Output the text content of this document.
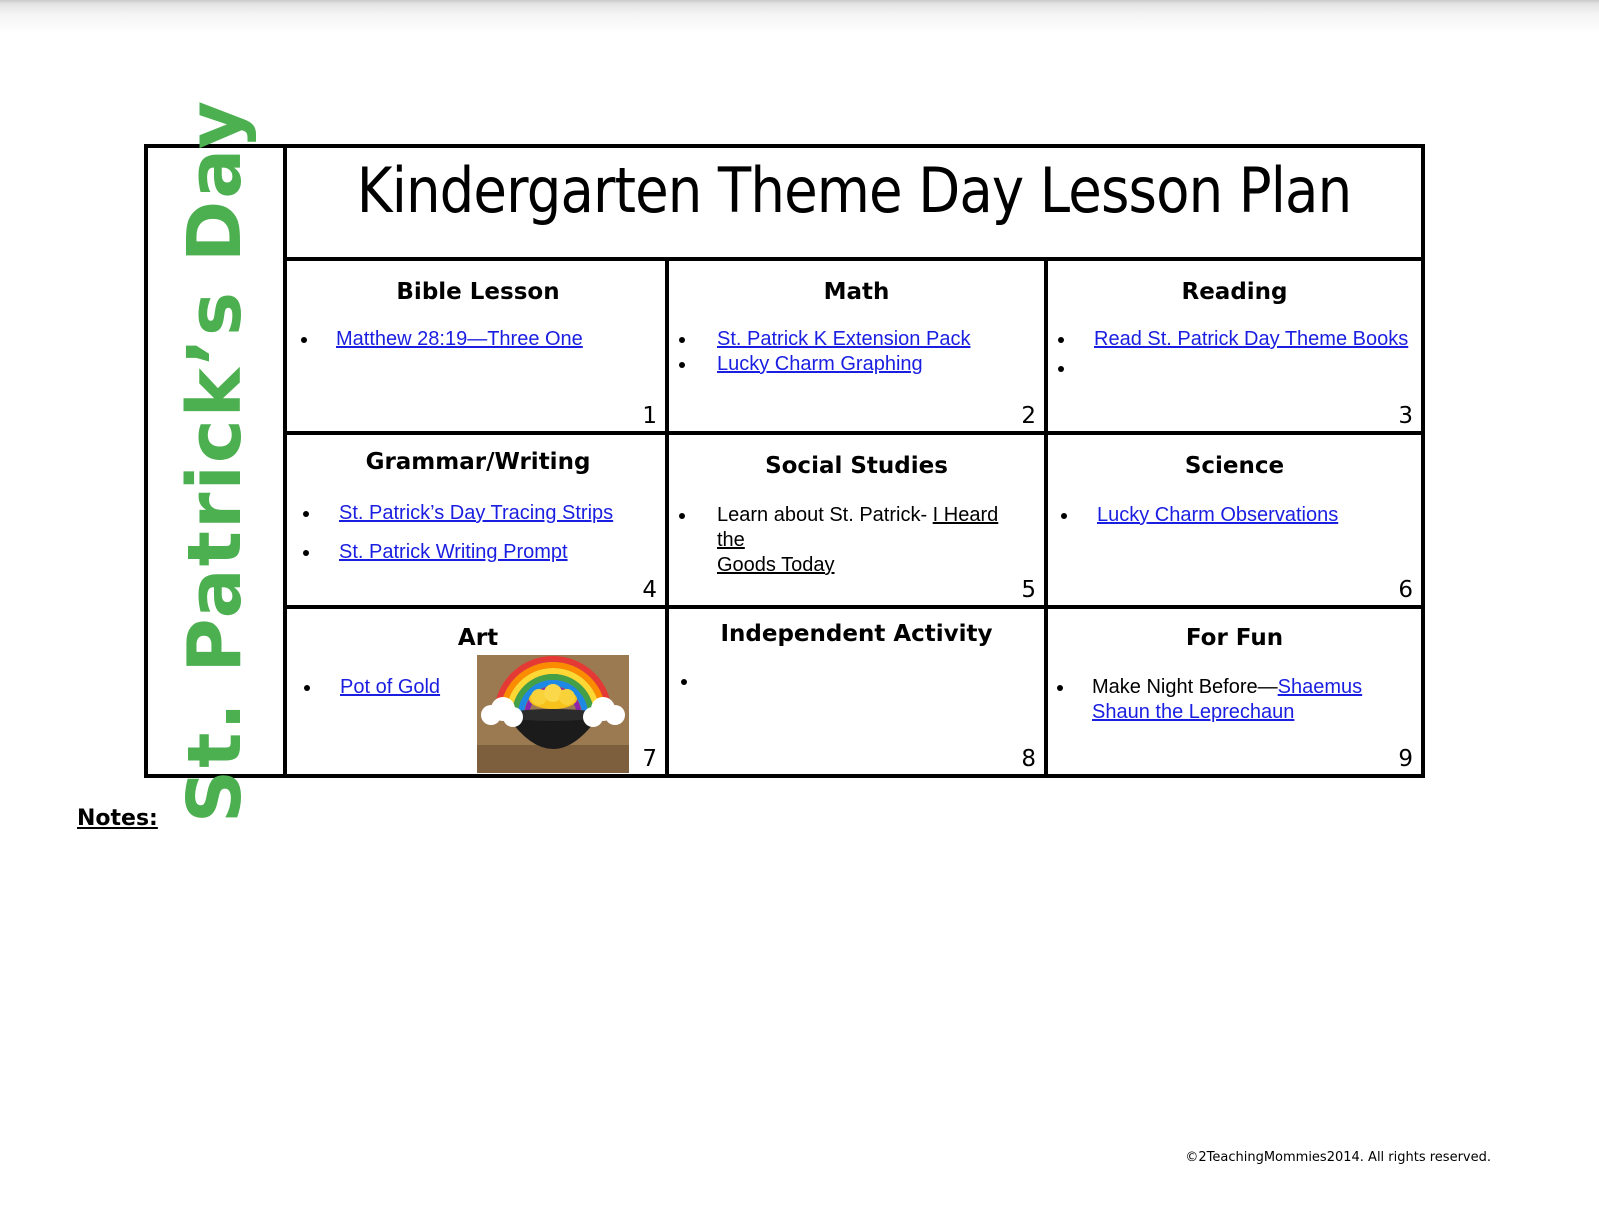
St. Patrick’s Day	Kindergarten Theme Day Lesson Plan
Bible Lesson
Matthew 28:19—Three One
1
Math
St. Patrick K Extension Pack
Lucky Charm Graphing
2
Reading
Read St. Patrick Day Theme Books
3
Grammar/Writing
St. Patrick’s Day Tracing Strips
St. Patrick Writing Prompt
4
Social Studies
Learn about St. Patrick- I Heard the
Goods Today
5
Science
Lucky Charm Observations
6
Art
Pot of Gold
7
Independent Activity
8
For Fun
Make Night Before—Shaemus
Shaun the Leprechaun
9
Notes:
©2TeachingMommies2014. All rights reserved.
